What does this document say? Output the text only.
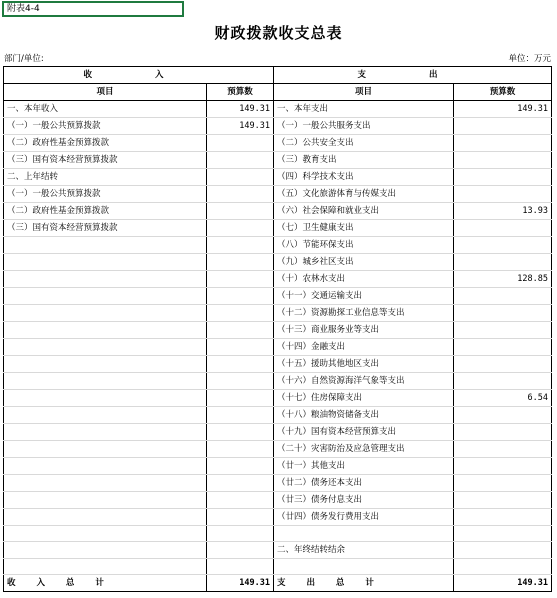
附表4-4
财政拨款收支总表
部门/单位:	单位：万元
收 入		支 出	
项目	预算数	项目	预算数
一、本年收入	149.31	一、本年支出	149.31
（一）一般公共预算拨款	149.31	（一）一般公共服务支出	
（二）政府性基金预算拨款		（二）公共安全支出	
（三）国有资本经营预算拨款		（三）教育支出	
二、上年结转		（四）科学技术支出	
（一）一般公共预算拨款		（五）文化旅游体育与传媒支出	
（二）政府性基金预算拨款		（六）社会保障和就业支出	13.93
（三）国有资本经营预算拨款		（七）卫生健康支出	
		（八）节能环保支出	
		（九）城乡社区支出	
		（十）农林水支出	128.85
		（十一）交通运输支出	
		（十二）资源勘探工业信息等支出	
		（十三）商业服务业等支出	
		（十四）金融支出	
		（十五）援助其他地区支出	
		（十六）自然资源海洋气象等支出	
		（十七）住房保障支出	6.54
		（十八）粮油物资储备支出	
		（十九）国有资本经营预算支出	
		（二十）灾害防治及应急管理支出	
		（廿一）其他支出	
		（廿二）债务还本支出	
		（廿三）债务付息支出	
		（廿四）债务发行费用支出	

		二、年终结转结余	

收 入 总 计	149.31	支 出 总 计	149.31
